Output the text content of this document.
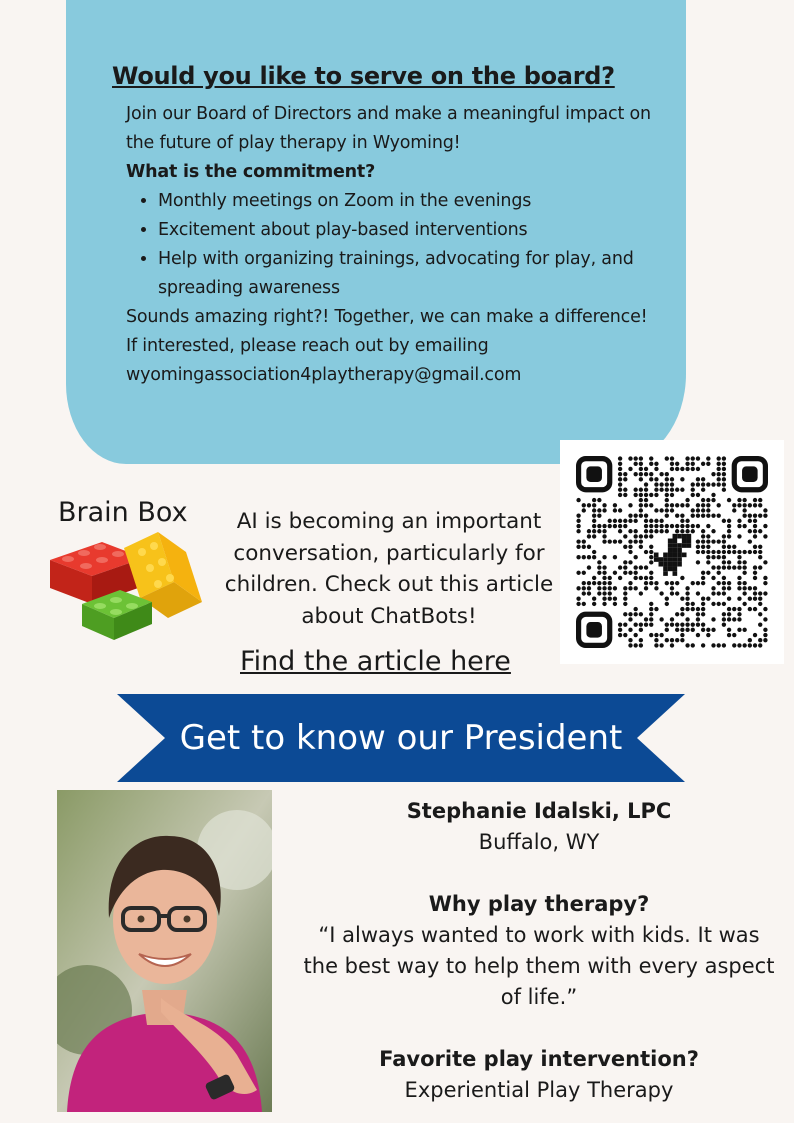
Would you like to serve on the board?

Join our Board of Directors and make a meaningful impact on the future of play therapy in Wyoming!

What is the commitment?

• Monthly meetings on Zoom in the evenings
• Excitement about play-based interventions
• Help with organizing trainings, advocating for play, and spreading awareness

Sounds amazing right?! Together, we can make a difference!

If interested, please reach out by emailing wyomingassociation4playtherapy@gmail.com

Brain Box	AI is becoming an important conversation, particularly for children. Check out this article about ChatBots!
Find the article here
Get to know our President

Stephanie Idalski, LPC

Buffalo, WY

Why play therapy?

“I always wanted to work with kids. It was the best way to help them with every aspect of life.”

Favorite play intervention?

Experiential Play Therapy
